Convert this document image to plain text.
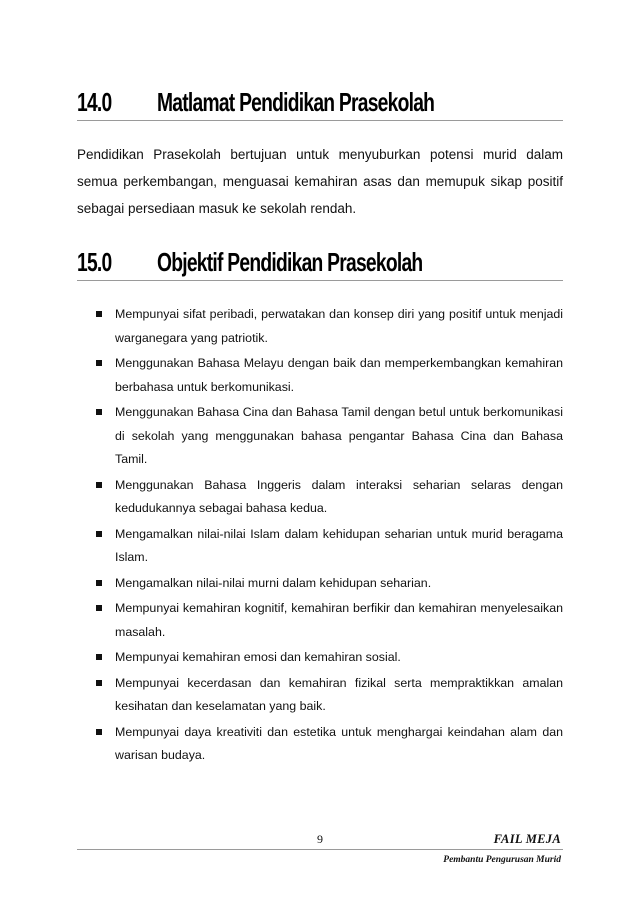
14.0 Matlamat Pendidikan Prasekolah

Pendidikan Prasekolah bertujuan untuk menyuburkan potensi murid dalam semua perkembangan, menguasai kemahiran asas dan memupuk sikap positif sebagai persediaan masuk ke sekolah rendah.

15.0 Objektif Pendidikan Prasekolah
Mempunyai sifat peribadi, perwatakan dan konsep diri yang positif untuk menjadi warganegara yang patriotik.
Menggunakan Bahasa Melayu dengan baik dan memperkembangkan kemahiran berbahasa untuk berkomunikasi.
Menggunakan Bahasa Cina dan Bahasa Tamil dengan betul untuk berkomunikasi di sekolah yang menggunakan bahasa pengantar Bahasa Cina dan Bahasa Tamil.
Menggunakan Bahasa Inggeris dalam interaksi seharian selaras dengan kedudukannya sebagai bahasa kedua.
Mengamalkan nilai-nilai Islam dalam kehidupan seharian untuk murid beragama Islam.
Mengamalkan nilai-nilai murni dalam kehidupan seharian.
Mempunyai kemahiran kognitif, kemahiran berfikir dan kemahiran menyelesaikan masalah.
Mempunyai kemahiran emosi dan kemahiran sosial.
Mempunyai kecerdasan dan kemahiran fizikal serta mempraktikkan amalan kesihatan dan keselamatan yang baik.
Mempunyai daya kreativiti dan estetika untuk menghargai keindahan alam dan warisan budaya.
9	FAIL MEJA
Pembantu Pengurusan Murid
